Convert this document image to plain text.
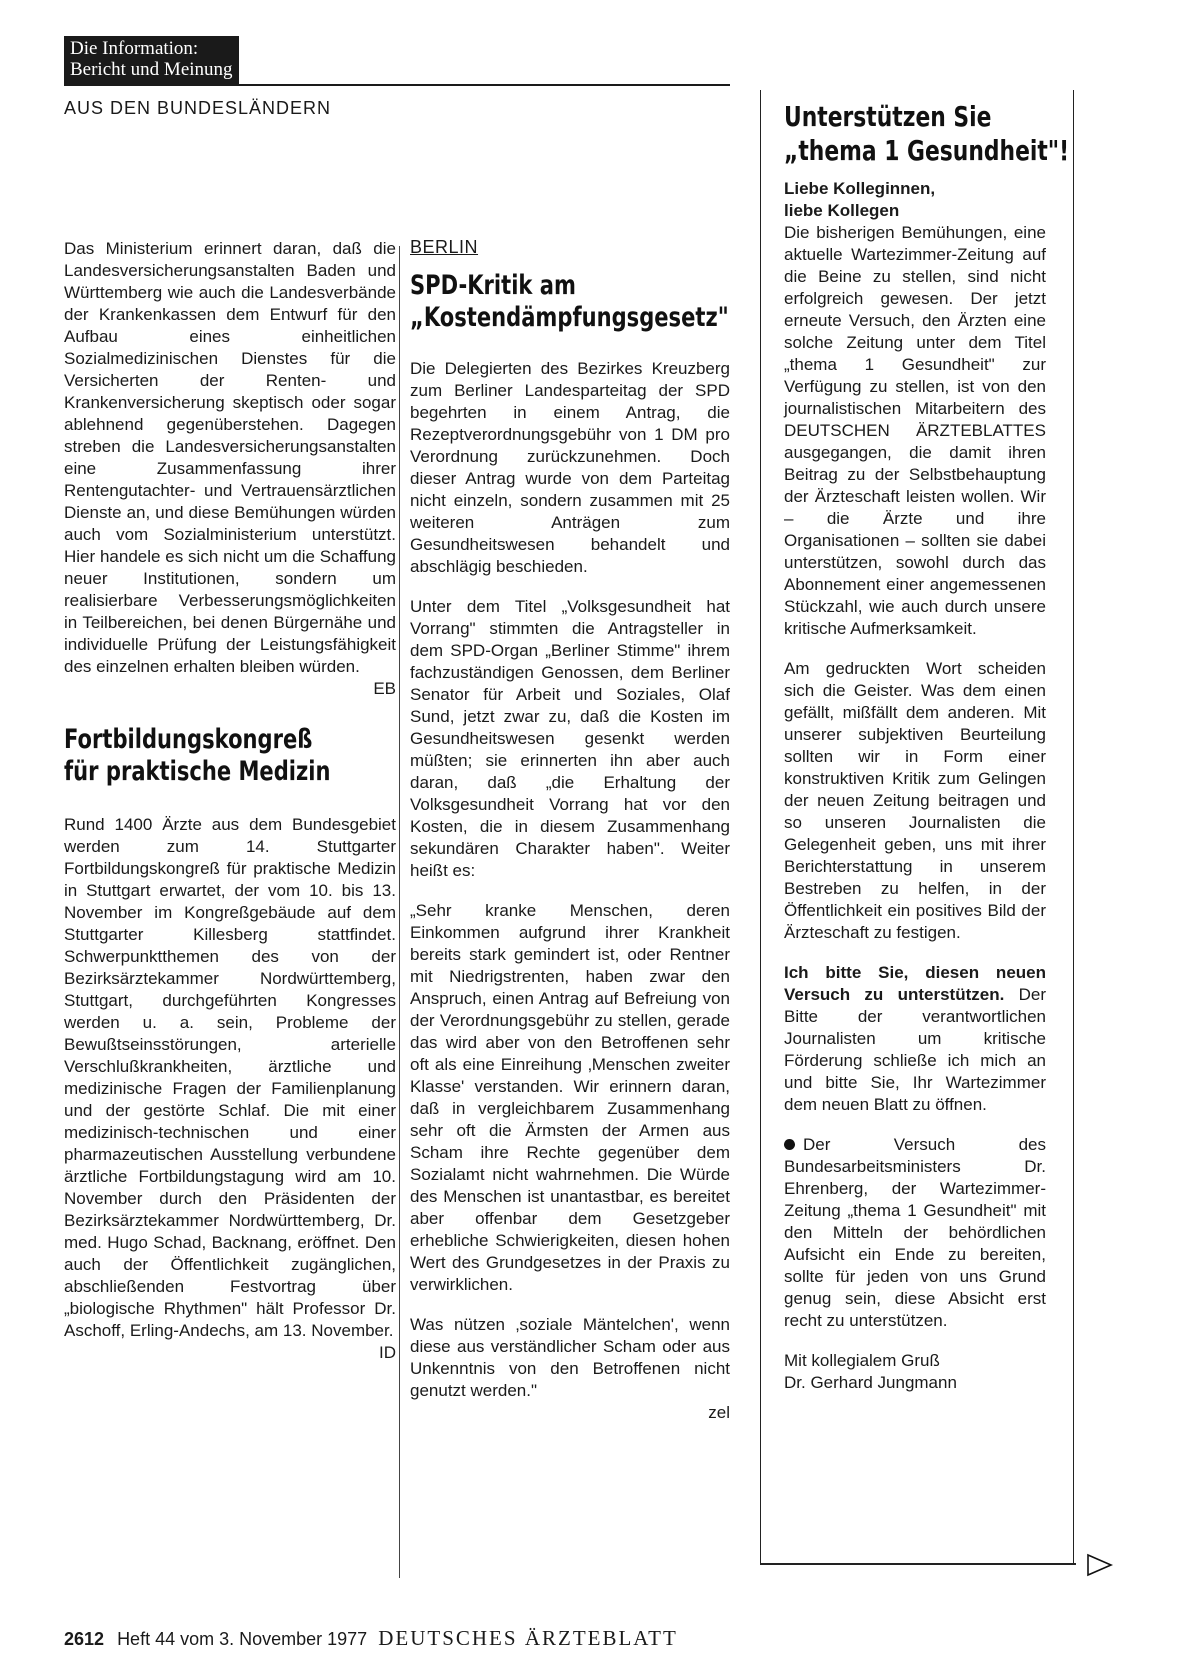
Die Information:
Bericht und Meinung
AUS DEN BUNDESLÄNDERN

Das Ministerium erinnert daran, daß die Landesversicherungsanstalten Baden und Württemberg wie auch die Landesverbände der Krankenkassen dem Entwurf für den Aufbau eines einheitlichen Sozialmedizinischen Dienstes für die Versicherten der Renten- und Krankenversicherung skeptisch oder sogar ablehnend gegenüberstehen. Dagegen streben die Landesversicherungsanstalten eine Zusammenfassung ihrer Rentengutachter- und Vertrauensärztlichen Dienste an, und diese Bemühungen würden auch vom Sozialministerium unterstützt. Hier handele es sich nicht um die Schaffung neuer Institutionen, sondern um realisierbare Verbesserungsmöglichkeiten in Teilbereichen, bei denen Bürgernähe und individuelle Prüfung der Leistungsfähigkeit des einzelnen erhalten bleiben würden.

EB
Fortbildungskongreß
für praktische Medizin

Rund 1400 Ärzte aus dem Bundesgebiet werden zum 14. Stuttgarter Fortbildungskongreß für praktische Medizin in Stuttgart erwartet, der vom 10. bis 13. November im Kongreßgebäude auf dem Stuttgarter Killesberg stattfindet. Schwerpunktthemen des von der Bezirksärztekammer Nordwürttemberg, Stuttgart, durchgeführten Kongresses werden u. a. sein, Probleme der Bewußtseinsstörungen, arterielle Verschlußkrankheiten, ärztliche und medizinische Fragen der Familienplanung und der gestörte Schlaf. Die mit einer medizinisch-technischen und einer pharmazeutischen Ausstellung verbundene ärztliche Fortbildungstagung wird am 10. November durch den Präsidenten der Bezirksärztekammer Nordwürttemberg, Dr. med. Hugo Schad, Backnang, eröffnet. Den auch der Öffentlichkeit zugänglichen, abschließenden Festvortrag über „biologische Rhythmen" hält Professor Dr. Aschoff, Erling-Andechs, am 13. November.

ID
BERLIN
SPD-Kritik am
„Kostendämpfungsgesetz"

Die Delegierten des Bezirkes Kreuzberg zum Berliner Landesparteitag der SPD begehrten in einem Antrag, die Rezeptverordnungsgebühr von 1 DM pro Verordnung zurückzunehmen. Doch dieser Antrag wurde von dem Parteitag nicht einzeln, sondern zusammen mit 25 weiteren Anträgen zum Gesundheitswesen behandelt und abschlägig beschieden.

Unter dem Titel „Volksgesundheit hat Vorrang" stimmten die Antragsteller in dem SPD-Organ „Berliner Stimme" ihrem fachzuständigen Genossen, dem Berliner Senator für Arbeit und Soziales, Olaf Sund, jetzt zwar zu, daß die Kosten im Gesundheitswesen gesenkt werden müßten; sie erinnerten ihn aber auch daran, daß „die Erhaltung der Volksgesundheit Vorrang hat vor den Kosten, die in diesem Zusammenhang sekundären Charakter haben". Weiter heißt es:

„Sehr kranke Menschen, deren Einkommen aufgrund ihrer Krankheit bereits stark gemindert ist, oder Rentner mit Niedrigstrenten, haben zwar den Anspruch, einen Antrag auf Befreiung von der Verordnungsgebühr zu stellen, gerade das wird aber von den Betroffenen sehr oft als eine Einreihung ‚Menschen zweiter Klasse' verstanden. Wir erinnern daran, daß in vergleichbarem Zusammenhang sehr oft die Ärmsten der Armen aus Scham ihre Rechte gegenüber dem Sozialamt nicht wahrnehmen. Die Würde des Menschen ist unantastbar, es bereitet aber offenbar dem Gesetzgeber erhebliche Schwierigkeiten, diesen hohen Wert des Grundgesetzes in der Praxis zu verwirklichen.

Was nützen ‚soziale Mäntelchen', wenn diese aus verständlicher Scham oder aus Unkenntnis von den Betroffenen nicht genutzt werden."

zel
Unterstützen Sie
„thema 1 Gesundheit"!
Liebe Kolleginnen,
liebe Kollegen

Die bisherigen Bemühungen, eine aktuelle Wartezimmer-Zeitung auf die Beine zu stellen, sind nicht erfolgreich gewesen. Der jetzt erneute Versuch, den Ärzten eine solche Zeitung unter dem Titel „thema 1 Gesundheit" zur Verfügung zu stellen, ist von den journalistischen Mitarbeitern des DEUTSCHEN ÄRZTEBLATTES ausgegangen, die damit ihren Beitrag zu der Selbstbehauptung der Ärzteschaft leisten wollen. Wir – die Ärzte und ihre Organisationen – sollten sie dabei unterstützen, sowohl durch das Abonnement einer angemessenen Stückzahl, wie auch durch unsere kritische Aufmerksamkeit.

Am gedruckten Wort scheiden sich die Geister. Was dem einen gefällt, mißfällt dem anderen. Mit unserer subjektiven Beurteilung sollten wir in Form einer konstruktiven Kritik zum Gelingen der neuen Zeitung beitragen und so unseren Journalisten die Gelegenheit geben, uns mit ihrer Berichterstattung in unserem Bestreben zu helfen, in der Öffentlichkeit ein positives Bild der Ärzteschaft zu festigen.

Ich bitte Sie, diesen neuen Versuch zu unterstützen. Der Bitte der verantwortlichen Journalisten um kritische Förderung schließe ich mich an und bitte Sie, Ihr Wartezimmer dem neuen Blatt zu öffnen.

Der Versuch des Bundesarbeitsministers Dr. Ehrenberg, der Wartezimmer-Zeitung „thema 1 Gesundheit" mit den Mitteln der behördlichen Aufsicht ein Ende zu bereiten, sollte für jeden von uns Grund genug sein, diese Absicht erst recht zu unterstützen.

Mit kollegialem Gruß

Dr. Gerhard Jungmann

2612 Heft 44 vom 3. November 1977 DEUTSCHES ÄRZTEBLATT
